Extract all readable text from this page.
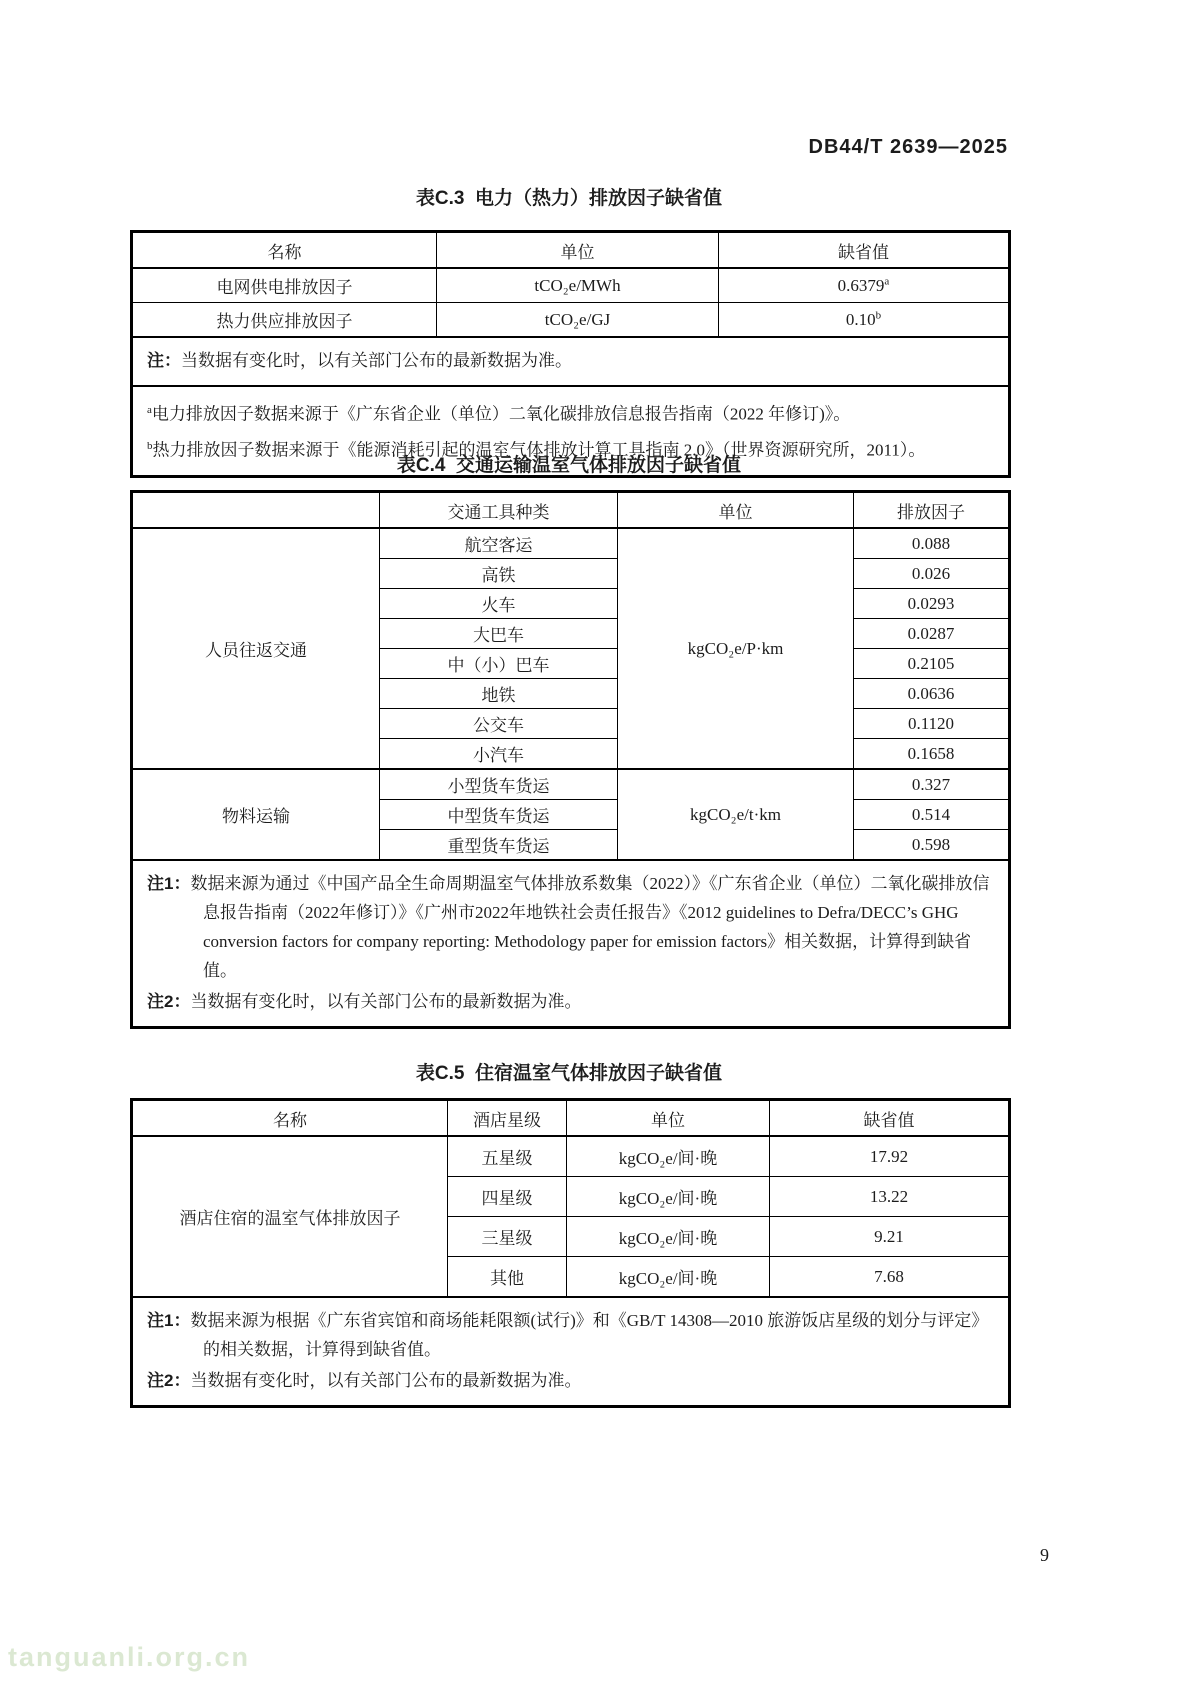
DB44/T 2639—2025
表C.3  电力（热力）排放因子缺省值
名称	单位	缺省值
电网供电排放因子	tCO₂e/MWh	0.6379$^a$
热力供应排放因子	tCO₂e/GJ	0.10$^b$

注：当数据有变化时，以有关部门公布的最新数据为准。		

$^a$电力排放因子数据来源于《广东省企业（单位）二氧化碳排放信息报告指南（2022 年修订)》。
$^b$热力排放因子数据来源于《能源消耗引起的温室气体排放计算工具指南 2.0》（世界资源研究所，2011）。		
表C.4  交通运输温室气体排放因子缺省值
	交通工具种类	单位	排放因子
人员往返交通	航空客运	kgCO₂e/P·km	0.088
	高铁		0.026
	火车		0.0293
	大巴车		0.0287
	中（小）巴车		0.2105
	地铁		0.0636
	公交车		0.1120
	小汽车		0.1658
物料运输	小型货车货运	kgCO₂e/t·km	0.327
	中型货车货运		0.514
	重型货车货运		0.598

注1：数据来源为通过《中国产品全生命周期温室气体排放系数集（2022）》《广东省企业（单位）二氧化碳排放信息报告指南（2022年修订）》《广州市2022年地铁社会责任报告》《2012 guidelines to Defra/DECC’s GHG conversion factors for company reporting: Methodology paper for emission factors》相关数据，计算得到缺省值。
注2：当数据有变化时，以有关部门公布的最新数据为准。			
表C.5  住宿温室气体排放因子缺省值
名称	酒店星级	单位	缺省值
酒店住宿的温室气体排放因子	五星级	kgCO₂e/间·晚	17.92
	四星级	kgCO₂e/间·晚	13.22
	三星级	kgCO₂e/间·晚	9.21
	其他	kgCO₂e/间·晚	7.68

注1：数据来源为根据《广东省宾馆和商场能耗限额(试行)》和《GB/T 14308—2010 旅游饭店星级的划分与评定》的相关数据，计算得到缺省值。
注2：当数据有变化时，以有关部门公布的最新数据为准。			
9
tanguanli.org.cn
